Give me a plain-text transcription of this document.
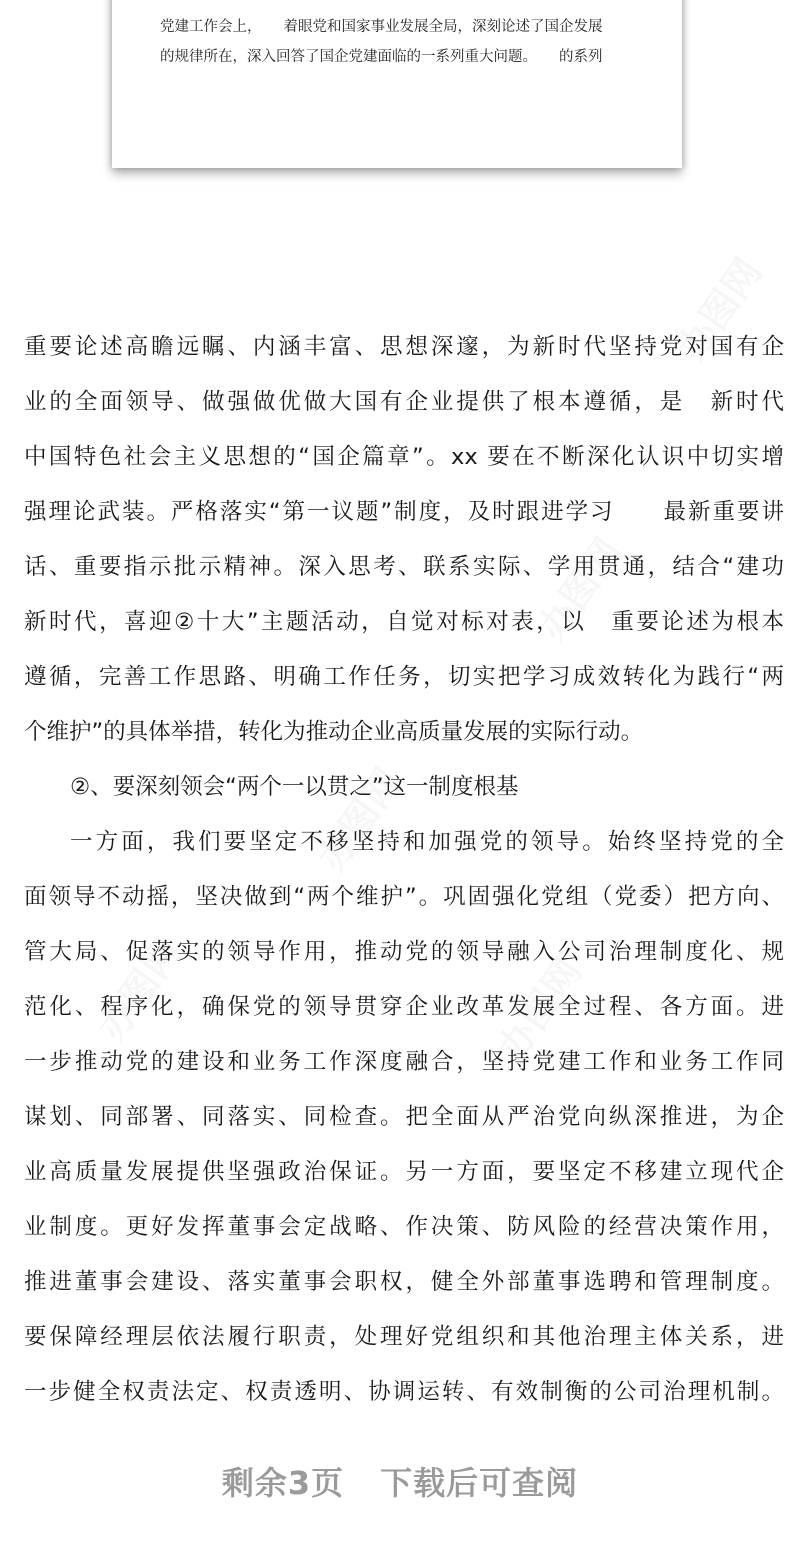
党建工作会上， 着眼党和国家事业发展全局，深刻论述了国企发展
的规律所在，深入回答了国企党建面临的一系列重大问题。 的系列

重要论述高瞻远瞩、内涵丰富、思想深邃，为新时代坚持党对国有企
业的全面领导、做强做优做大国有企业提供了根本遵循，是　新时代
中国特色社会主义思想的“国企篇章”。xx 要在不断深化认识中切实增
强理论武装。严格落实“第一议题”制度，及时跟进学习　　最新重要讲
话、重要指示批示精神。深入思考、联系实际、学用贯通，结合“建功
新时代，喜迎②十大”主题活动，自觉对标对表，以　重要论述为根本
遵循，完善工作思路、明确工作任务，切实把学习成效转化为践行“两
个维护”的具体举措，转化为推动企业高质量发展的实际行动。
②、要深刻领会“两个一以贯之”这一制度根基
一方面，我们要坚定不移坚持和加强党的领导。始终坚持党的全
面领导不动摇，坚决做到“两个维护”。巩固强化党组（党委）把方向、
管大局、促落实的领导作用，推动党的领导融入公司治理制度化、规
范化、程序化，确保党的领导贯穿企业改革发展全过程、各方面。进
一步推动党的建设和业务工作深度融合，坚持党建工作和业务工作同
谋划、同部署、同落实、同检查。把全面从严治党向纵深推进，为企
业高质量发展提供坚强政治保证。另一方面，要坚定不移建立现代企
业制度。更好发挥董事会定战略、作决策、防风险的经营决策作用，
推进董事会建设、落实董事会职权，健全外部董事选聘和管理制度。
要保障经理层依法履行职责，处理好党组织和其他治理主体关系，进
一步健全权责法定、权责透明、协调运转、有效制衡的公司治理机制。
剩余3页 下载后可查阅
